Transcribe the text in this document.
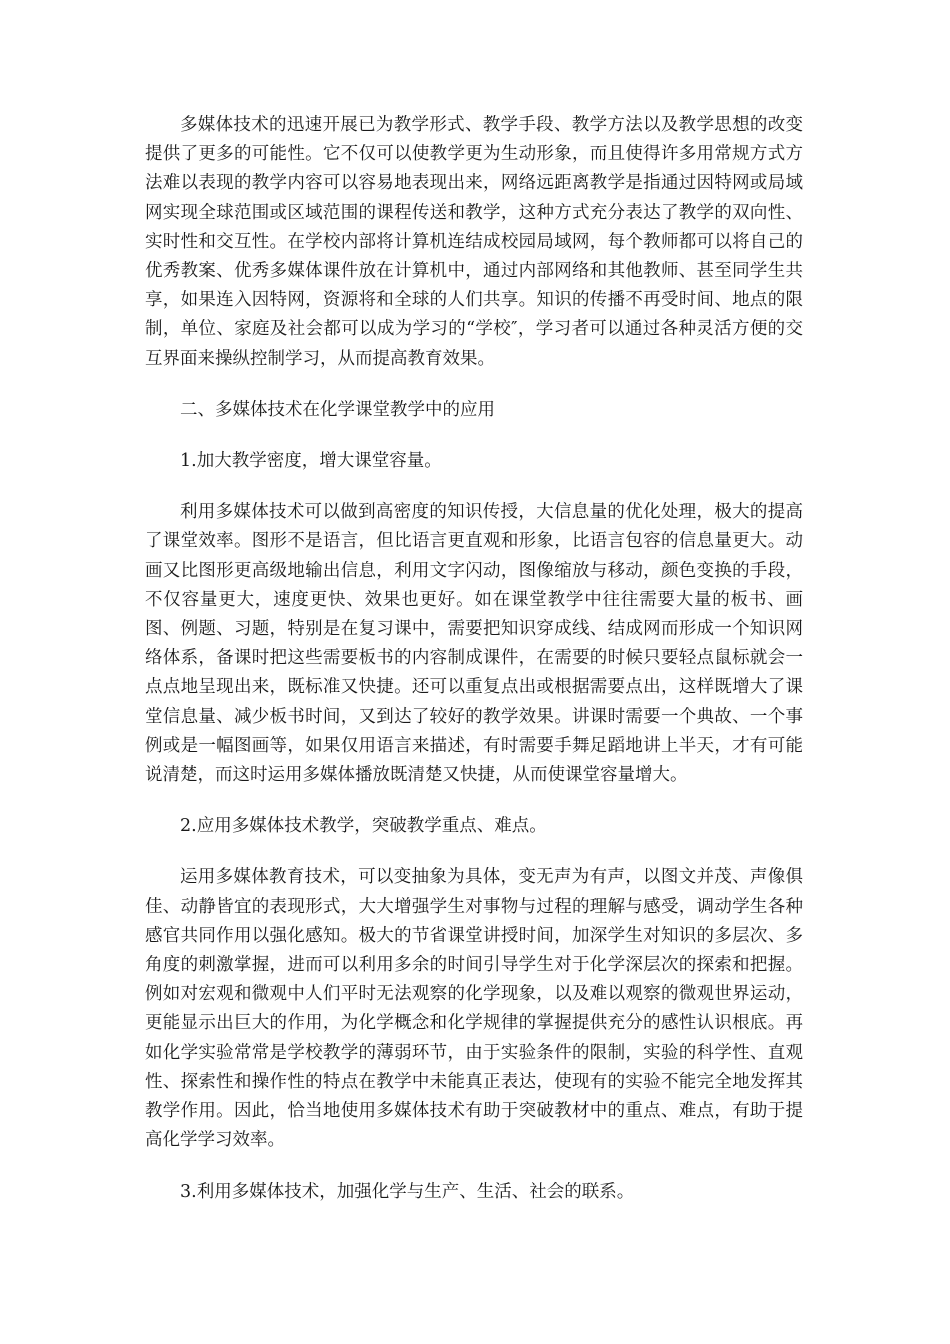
多媒体技术的迅速开展已为教学形式、教学手段、教学方法以及教学思想的改变提供了更多的可能性。它不仅可以使教学更为生动形象，而且使得许多用常规方式方法难以表现的教学内容可以容易地表现出来，网络远距离教学是指通过因特网或局域网实现全球范围或区域范围的课程传送和教学，这种方式充分表达了教学的双向性、实时性和交互性。在学校内部将计算机连结成校园局域网，每个教师都可以将自己的优秀教案、优秀多媒体课件放在计算机中，通过内部网络和其他教师、甚至同学生共享，如果连入因特网，资源将和全球的人们共享。知识的传播不再受时间、地点的限制，单位、家庭及社会都可以成为学习的“学校″，学习者可以通过各种灵活方便的交互界面来操纵控制学习，从而提高教育效果。

二、多媒体技术在化学课堂教学中的应用

1.加大教学密度，增大课堂容量。

利用多媒体技术可以做到高密度的知识传授，大信息量的优化处理，极大的提高了课堂效率。图形不是语言，但比语言更直观和形象，比语言包容的信息量更大。动画又比图形更高级地输出信息，利用文字闪动，图像缩放与移动，颜色变换的手段，不仅容量更大，速度更快、效果也更好。如在课堂教学中往往需要大量的板书、画图、例题、习题，特别是在复习课中，需要把知识穿成线、结成网而形成一个知识网络体系，备课时把这些需要板书的内容制成课件，在需要的时候只要轻点鼠标就会一点点地呈现出来，既标准又快捷。还可以重复点出或根据需要点出，这样既增大了课堂信息量、减少板书时间，又到达了较好的教学效果。讲课时需要一个典故、一个事例或是一幅图画等，如果仅用语言来描述，有时需要手舞足蹈地讲上半天，才有可能说清楚，而这时运用多媒体播放既清楚又快捷，从而使课堂容量增大。

2.应用多媒体技术教学，突破教学重点、难点。

运用多媒体教育技术，可以变抽象为具体，变无声为有声，以图文并茂、声像俱佳、动静皆宜的表现形式，大大增强学生对事物与过程的理解与感受，调动学生各种感官共同作用以强化感知。极大的节省课堂讲授时间，加深学生对知识的多层次、多角度的刺激掌握，进而可以利用多余的时间引导学生对于化学深层次的探索和把握。例如对宏观和微观中人们平时无法观察的化学现象，以及难以观察的微观世界运动，更能显示出巨大的作用，为化学概念和化学规律的掌握提供充分的感性认识根底。再如化学实验常常是学校教学的薄弱环节，由于实验条件的限制，实验的科学性、直观性、探索性和操作性的特点在教学中未能真正表达，使现有的实验不能完全地发挥其教学作用。因此，恰当地使用多媒体技术有助于突破教材中的重点、难点，有助于提高化学学习效率。

3.利用多媒体技术，加强化学与生产、生活、社会的联系。
